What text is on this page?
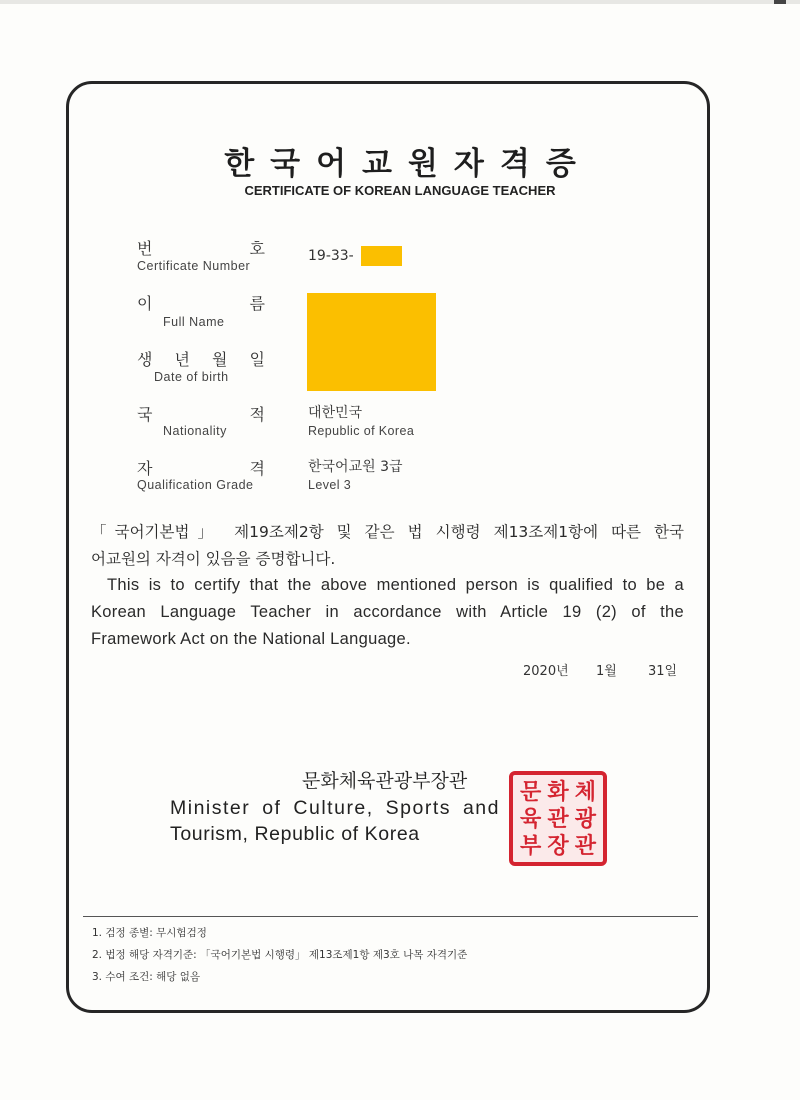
한국어교원자격증
CERTIFICATE OF KOREAN LANGUAGE TEACHER
번	호
Certificate Number
19-33-
이	름
Full Name
생 년 월 일
Date of birth
국	적
Nationality
대한민국
Republic of Korea
자	격
Qualification Grade
한국어교원 3급
Level 3
「국어기본법」 제19조제2항 및 같은 법 시행령 제13조제1항에 따른 한국
어교원의 자격이 있음을 증명합니다.
This is to certify that the above mentioned person is qualified to be a
Korean Language Teacher in accordance with Article 19 (2) of the
Framework Act on the National Language.
2020년 1월 31일
문화체육관광부장관
Minister of Culture, Sports and
Tourism, Republic of Korea
문 화 체
육 관 광
부 장 관
1. 검정 종별: 무시험검정
2. 법정 해당 자격기준: 「국어기본법 시행령」 제13조제1항 제3호 나목 자격기준
3. 수여 조건: 해당 없음
